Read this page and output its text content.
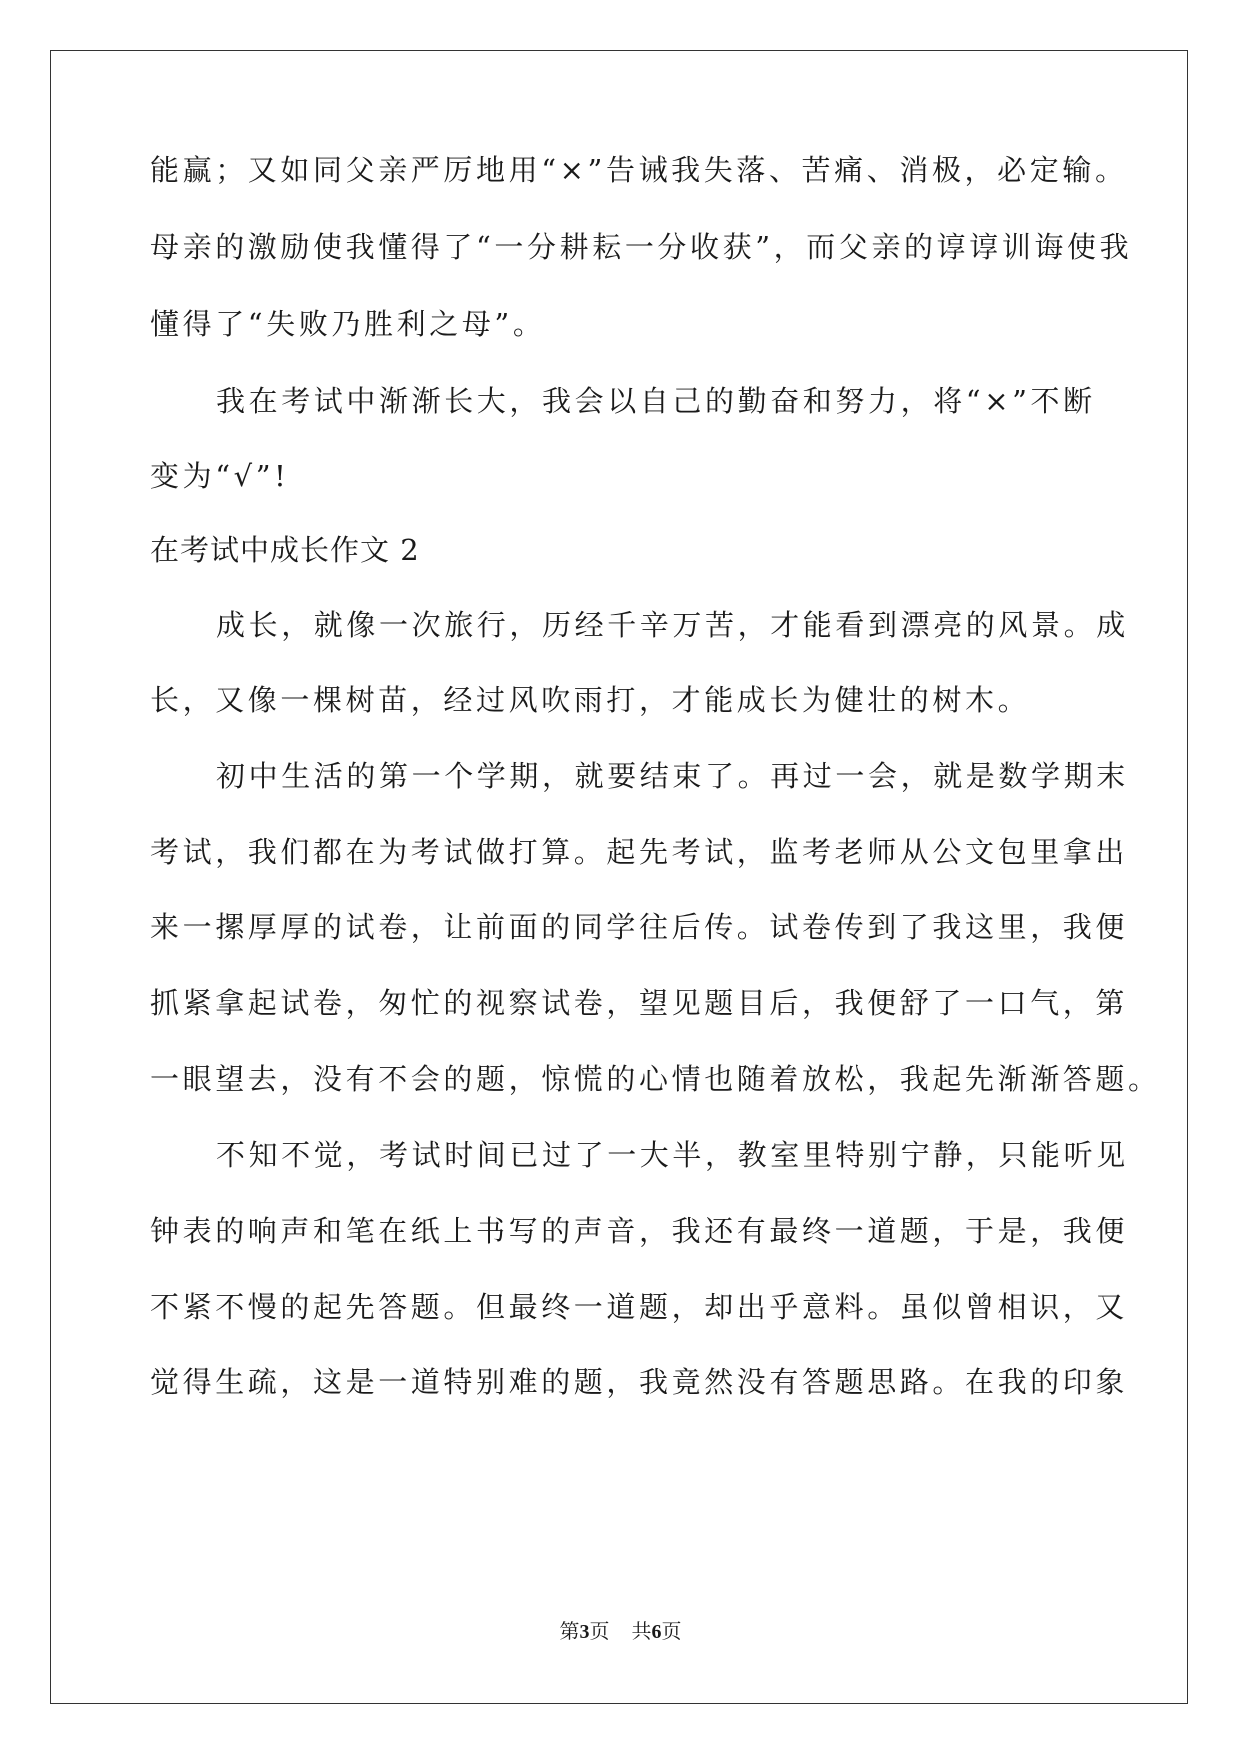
能赢；又如同父亲严厉地用“×”告诫我失落、苦痛、消极，必定输。
母亲的激励使我懂得了“一分耕耘一分收获”，而父亲的谆谆训诲使我
懂得了“失败乃胜利之母”。
我在考试中渐渐长大，我会以自己的勤奋和努力，将“×”不断
变为“√”!
在考试中成长作文 2
成长，就像一次旅行，历经千辛万苦，才能看到漂亮的风景。成
长，又像一棵树苗，经过风吹雨打，才能成长为健壮的树木。
初中生活的第一个学期，就要结束了。再过一会，就是数学期末
考试，我们都在为考试做打算。起先考试，监考老师从公文包里拿出
来一摞厚厚的试卷，让前面的同学往后传。试卷传到了我这里，我便
抓紧拿起试卷，匆忙的视察试卷，望见题目后，我便舒了一口气，第
一眼望去，没有不会的题，惊慌的心情也随着放松，我起先渐渐答题。
不知不觉，考试时间已过了一大半，教室里特别宁静，只能听见
钟表的响声和笔在纸上书写的声音，我还有最终一道题，于是，我便
不紧不慢的起先答题。但最终一道题，却出乎意料。虽似曾相识，又
觉得生疏，这是一道特别难的题，我竟然没有答题思路。在我的印象
第3页 共6页
